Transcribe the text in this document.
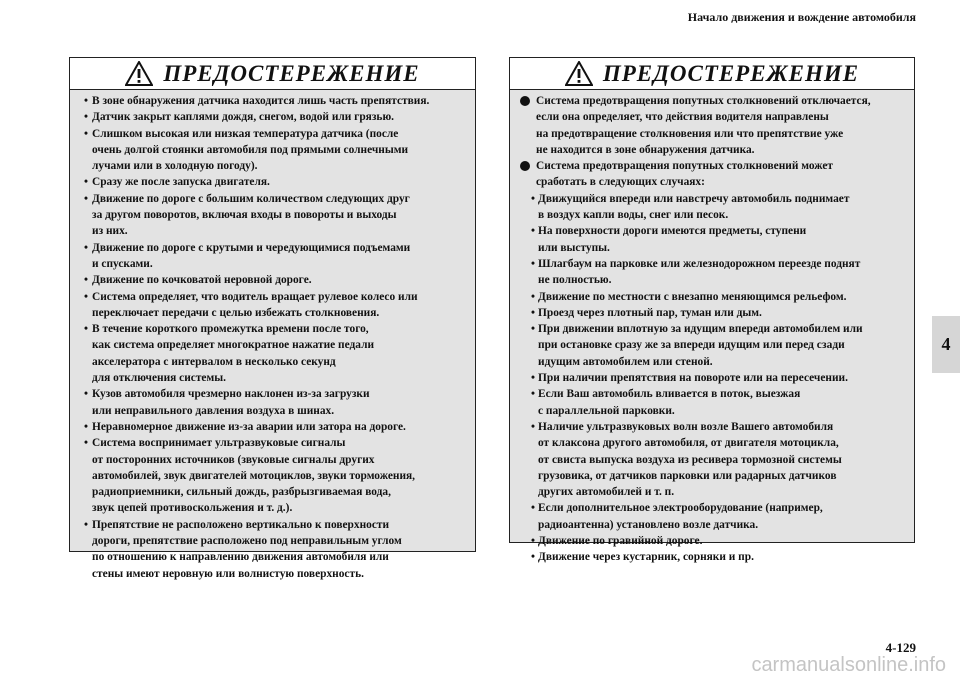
Начало движения и вождение автомобиля
4
ПРЕДОСТЕРЕЖЕНИЕ
• В зоне обнаружения датчика находится лишь часть препятствия.
• Датчик закрыт каплями дождя, снегом, водой или грязью.
• Слишком высокая или низкая температура датчика (после
очень долгой стоянки автомобиля под прямыми солнечными
лучами или в холодную погоду).
• Сразу же после запуска двигателя.
• Движение по дороге с большим количеством следующих друг
за другом поворотов, включая входы в повороты и выходы
из них.
• Движение по дороге с крутыми и чередующимися подъемами
и спусками.
• Движение по кочковатой неровной дороге.
• Система определяет, что водитель вращает рулевое колесо или
переключает передачи с целью избежать столкновения.
• В течение короткого промежутка времени после того,
как система определяет многократное нажатие педали
акселератора с интервалом в несколько секунд
для отключения системы.
• Кузов автомобиля чрезмерно наклонен из-за загрузки
или неправильного давления воздуха в шинах.
• Неравномерное движение из-за аварии или затора на дороге.
• Система воспринимает ультразвуковые сигналы
от посторонних источников (звуковые сигналы других
автомобилей, звук двигателей мотоциклов, звуки торможения,
радиоприемники, сильный дождь, разбрызгиваемая вода,
звук цепей противоскольжения и т. д.).
• Препятствие не расположено вертикально к поверхности
дороги, препятствие расположено под неправильным углом
по отношению к направлению движения автомобиля или
стены имеют неровную или волнистую поверхность.
ПРЕДОСТЕРЕЖЕНИЕ
Система предотвращения попутных столкновений отключается,
если она определяет, что действия водителя направлены
на предотвращение столкновения или что препятствие уже
не находится в зоне обнаружения датчика.
Система предотвращения попутных столкновений может
сработать в следующих случаях:
• Движущийся впереди или навстречу автомобиль поднимает
в воздух капли воды, снег или песок.
• На поверхности дороги имеются предметы, ступени
или выступы.
• Шлагбаум на парковке или железнодорожном переезде поднят
не полностью.
• Движение по местности с внезапно меняющимся рельефом.
• Проезд через плотный пар, туман или дым.
• При движении вплотную за идущим впереди автомобилем или
при остановке сразу же за впереди идущим или перед сзади
идущим автомобилем или стеной.
• При наличии препятствия на повороте или на пересечении.
• Если Ваш автомобиль вливается в поток, выезжая
с параллельной парковки.
• Наличие ультразвуковых волн возле Вашего автомобиля
от клаксона другого автомобиля, от двигателя мотоцикла,
от свиста выпуска воздуха из ресивера тормозной системы
грузовика, от датчиков парковки или радарных датчиков
других автомобилей и т. п.
• Если дополнительное электрооборудование (например,
радиоантенна) установлено возле датчика.
• Движение по гравийной дороге.
• Движение через кустарник, сорняки и пр.
4-129
carmanualsonline.info
